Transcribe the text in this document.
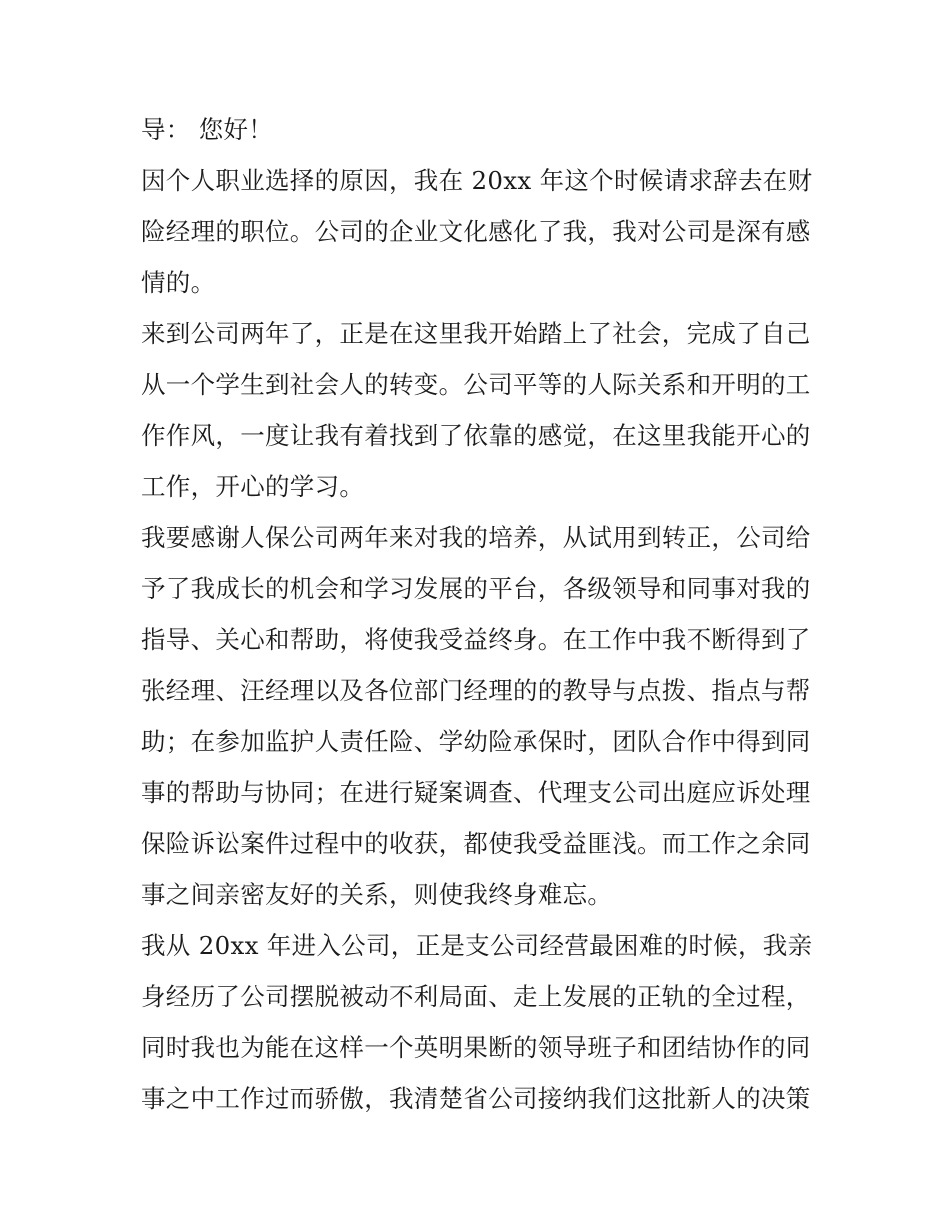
导： 您好！
因个人职业选择的原因，我在 20xx 年这个时候请求辞去在财
险经理的职位。公司的企业文化感化了我，我对公司是深有感
情的。
来到公司两年了，正是在这里我开始踏上了社会，完成了自己
从一个学生到社会人的转变。公司平等的人际关系和开明的工
作作风，一度让我有着找到了依靠的感觉，在这里我能开心的
工作，开心的学习。
我要感谢人保公司两年来对我的培养，从试用到转正，公司给
予了我成长的机会和学习发展的平台，各级领导和同事对我的
指导、关心和帮助，将使我受益终身。在工作中我不断得到了
张经理、汪经理以及各位部门经理的的教导与点拨、指点与帮
助；在参加监护人责任险、学幼险承保时，团队合作中得到同
事的帮助与协同；在进行疑案调查、代理支公司出庭应诉处理
保险诉讼案件过程中的收获，都使我受益匪浅。而工作之余同
事之间亲密友好的关系，则使我终身难忘。
我从 20xx 年进入公司，正是支公司经营最困难的时候，我亲
身经历了公司摆脱被动不利局面、走上发展的正轨的全过程，
同时我也为能在这样一个英明果断的领导班子和团结协作的同
事之中工作过而骄傲，我清楚省公司接纳我们这批新人的决策
